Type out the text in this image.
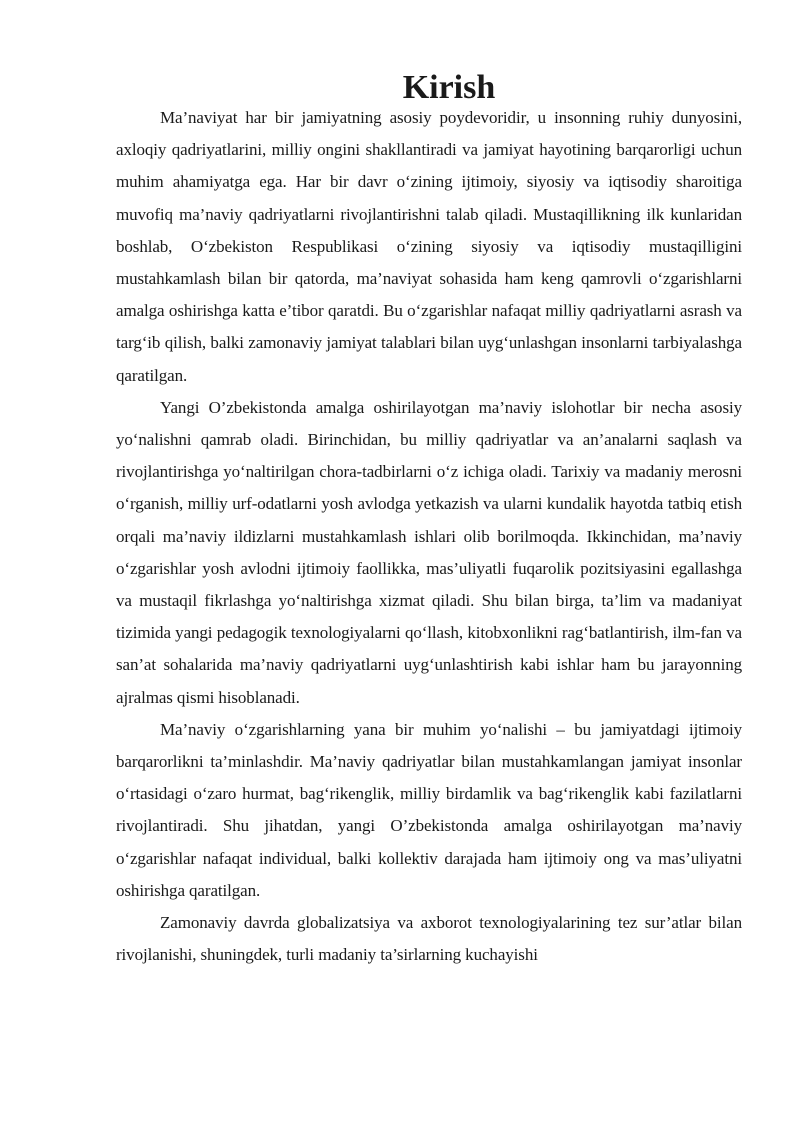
Kirish

Ma’naviyat har bir jamiyatning asosiy poydevoridir, u insonning ruhiy dunyosini, axloqiy qadriyatlarini, milliy ongini shakllantiradi va jamiyat hayotining barqarorligi uchun muhim ahamiyatga ega. Har bir davr o‘zining ijtimoiy, siyosiy va iqtisodiy sharoitiga muvofiq ma’naviy qadriyatlarni rivojlantirishni talab qiladi. Mustaqillikning ilk kunlaridan boshlab, O‘zbekiston Respublikasi o‘zining siyosiy va iqtisodiy mustaqilligini mustahkamlash bilan bir qatorda, ma’naviyat sohasida ham keng qamrovli o‘zgarishlarni amalga oshirishga katta e’tibor qaratdi. Bu o‘zgarishlar nafaqat milliy qadriyatlarni asrash va targ‘ib qilish, balki zamonaviy jamiyat talablari bilan uyg‘unlashgan insonlarni tarbiyalashga qaratilgan.

Yangi O’zbekistonda amalga oshirilayotgan ma’naviy islohotlar bir necha asosiy yo‘nalishni qamrab oladi. Birinchidan, bu milliy qadriyatlar va an’analarni saqlash va rivojlantirishga yo‘naltirilgan chora-tadbirlarni o‘z ichiga oladi. Tarixiy va madaniy merosni o‘rganish, milliy urf-odatlarni yosh avlodga yetkazish va ularni kundalik hayotda tatbiq etish orqali ma’naviy ildizlarni mustahkamlash ishlari olib borilmoqda. Ikkinchidan, ma’naviy o‘zgarishlar yosh avlodni ijtimoiy faollikka, mas’uliyatli fuqarolik pozitsiyasini egallashga va mustaqil fikrlashga yo‘naltirishga xizmat qiladi. Shu bilan birga, ta’lim va madaniyat tizimida yangi pedagogik texnologiyalarni qo‘llash, kitobxonlikni rag‘batlantirish, ilm-fan va san’at sohalarida ma’naviy qadriyatlarni uyg‘unlashtirish kabi ishlar ham bu jarayonning ajralmas qismi hisoblanadi.

Ma’naviy o‘zgarishlarning yana bir muhim yo‘nalishi – bu jamiyatdagi ijtimoiy barqarorlikni ta’minlashdir. Ma’naviy qadriyatlar bilan mustahkamlangan jamiyat insonlar o‘rtasidagi o‘zaro hurmat, bag‘rikenglik, milliy birdamlik va bag‘rikenglik kabi fazilatlarni rivojlantiradi. Shu jihatdan, yangi O’zbekistonda amalga oshirilayotgan ma’naviy o‘zgarishlar nafaqat individual, balki kollektiv darajada ham ijtimoiy ong va mas’uliyatni oshirishga qaratilgan.

Zamonaviy davrda globalizatsiya va axborot texnologiyalarining tez sur’atlar bilan rivojlanishi, shuningdek, turli madaniy ta’sirlarning kuchayishi
